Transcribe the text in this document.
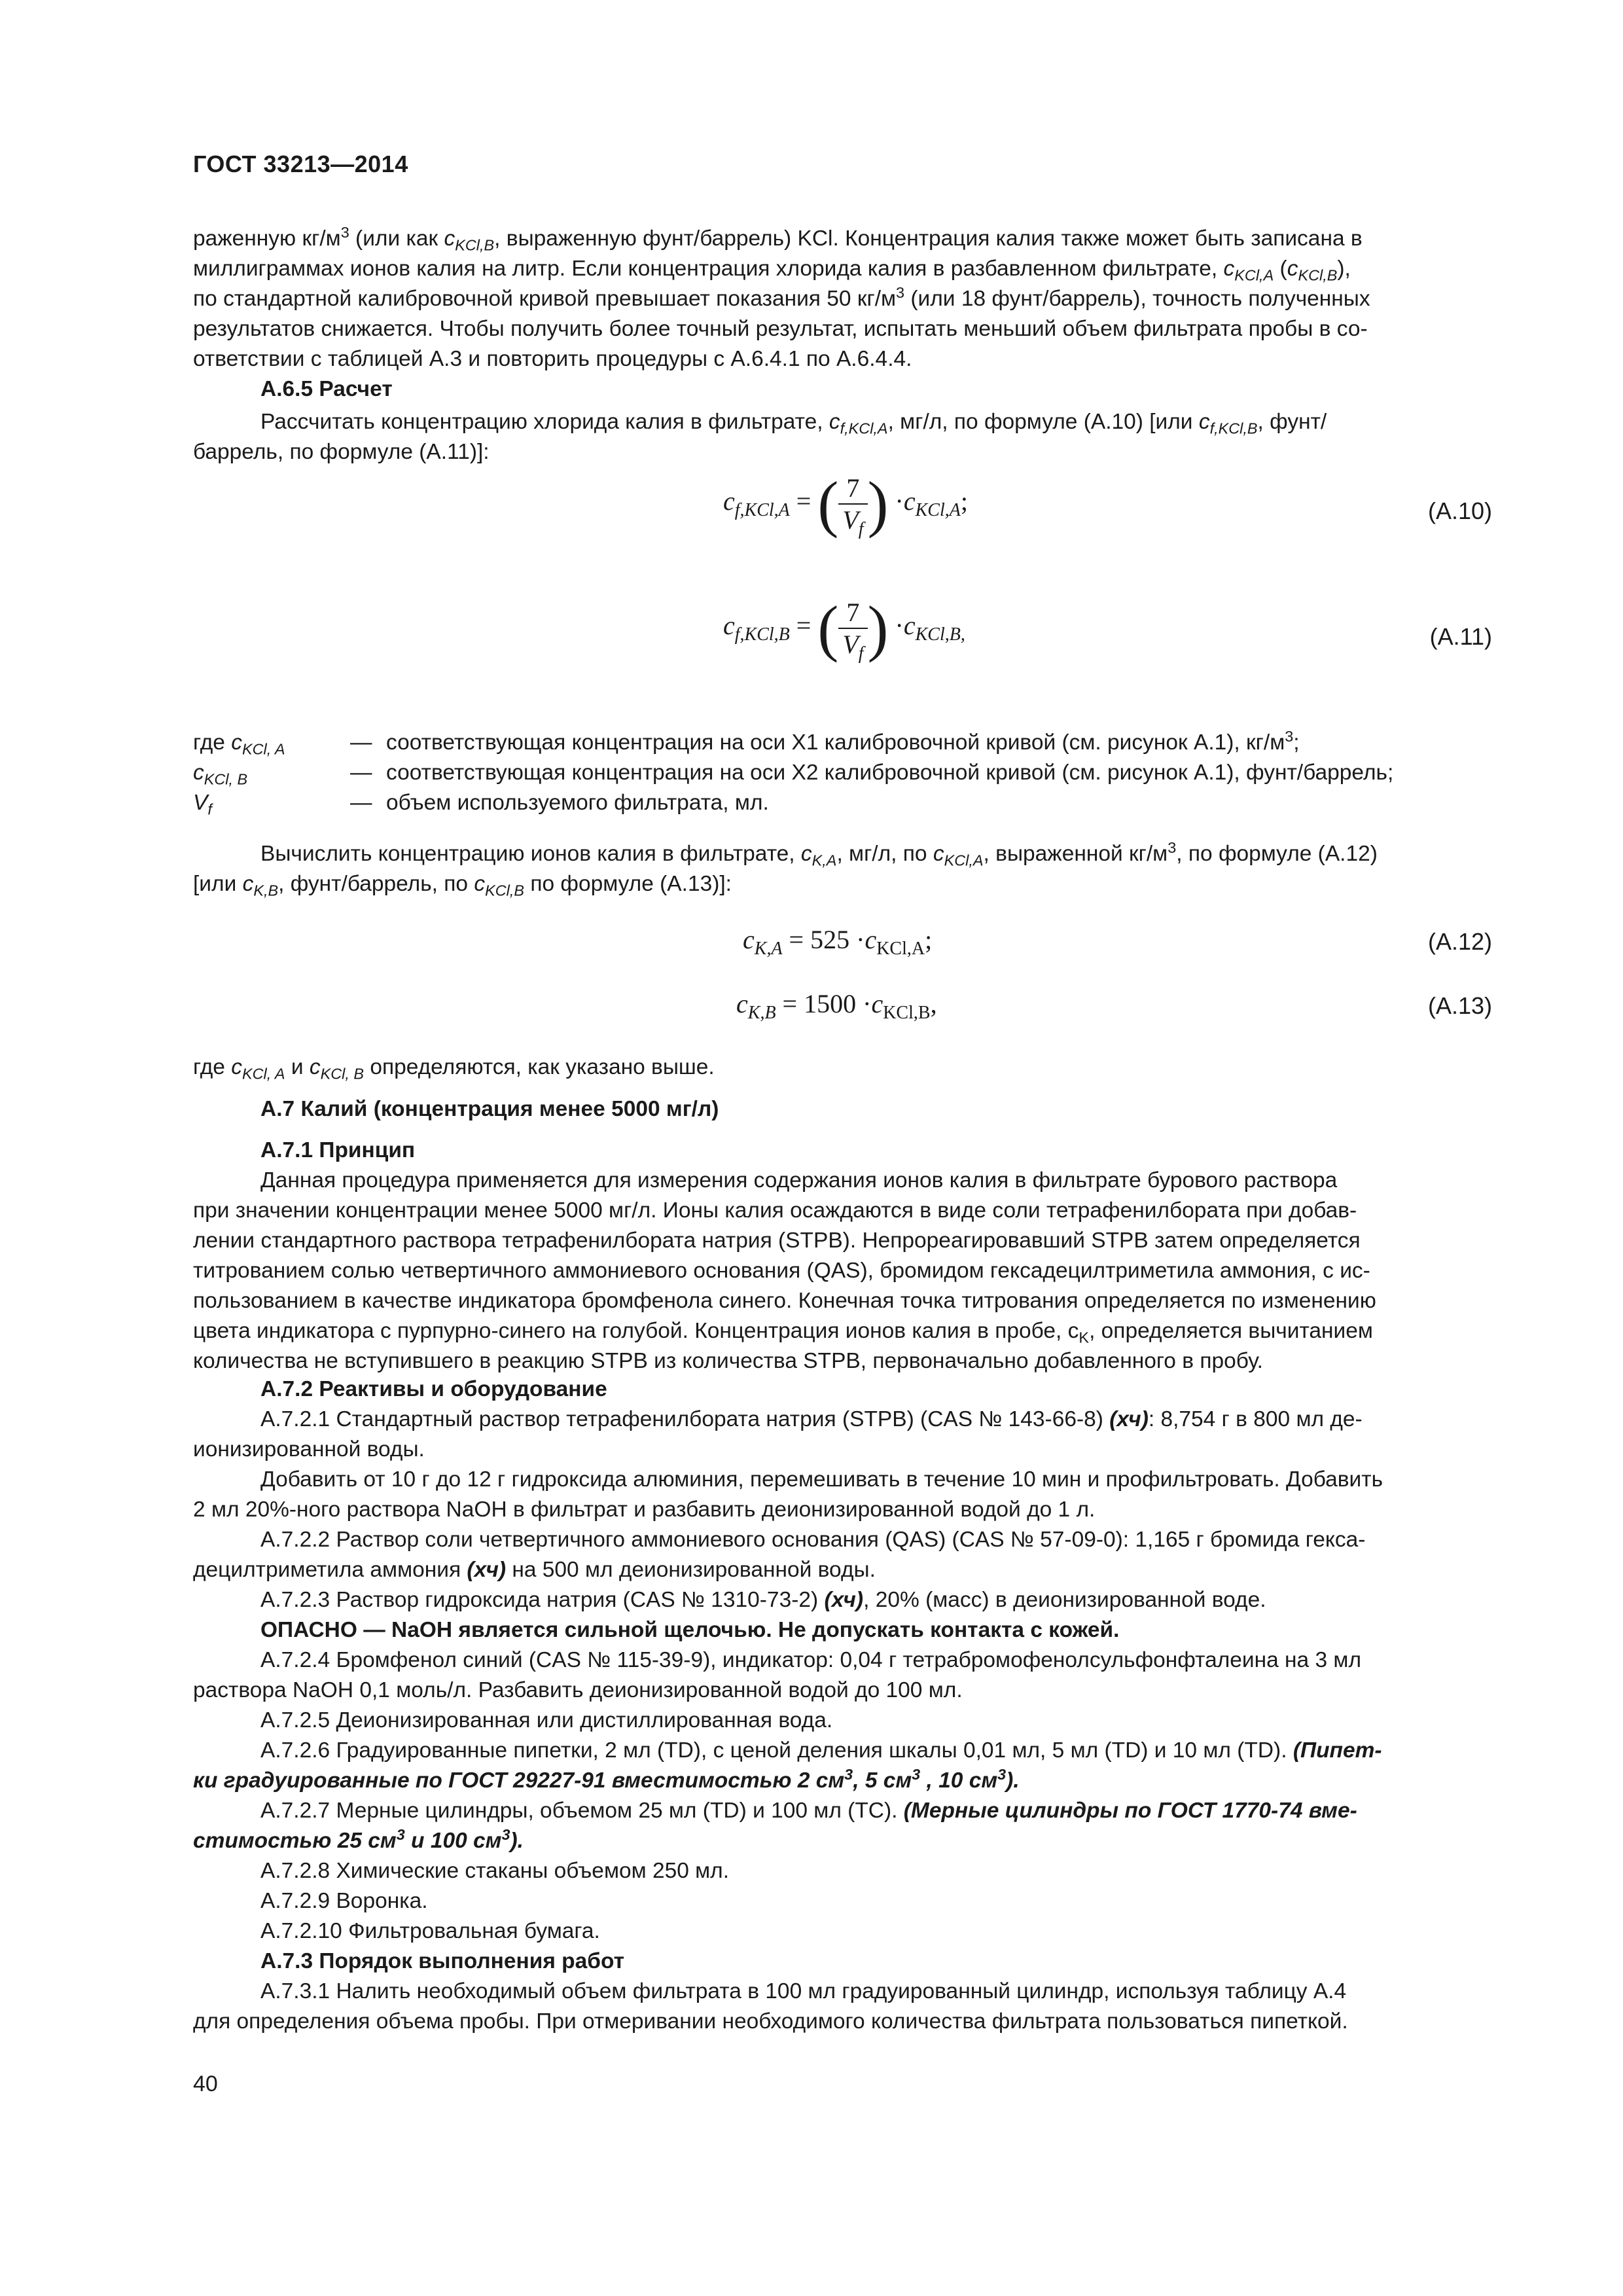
ГОСТ 33213—2014
раженную $кг/м^3$ (или как $c_{KCl,B}$, выраженную фунт/баррель) KCl. Концентрация калия также может быть записана в
миллиграммах ионов калия на литр. Если концентрация хлорида калия в разбавленном фильтрате, $c_{KCl,A}$ $(c_{KCl,B})$,
по стандартной калибровочной кривой превышает показания 50 $кг/м^3$ (или 18 фунт/баррель), точность полученных
результатов снижается. Чтобы получить более точный результат, испытать меньший объем фильтрата пробы в со-
ответствии с таблицей А.3 и повторить процедуры с А.6.4.1 по А.6.4.4.
А.6.5 Расчет
Рассчитать концентрацию хлорида калия в фильтрате, $c_{f,KCl,A}$, мг/л, по формуле (А.10) [или $c_{f,KCl,B}$, фунт/
баррель, по формуле (А.11)]:
$c_{f,KCl,A}$ = ( $\frac{7}{V_f}$ ) $\cdot c_{KCl,A}$;	(А.10)
$c_{f,KCl,B}$ = ( $\frac{7}{V_f}$ ) $\cdot c_{KCl,B,}$	(А.11)
где $c_{KCl, A}$	—	соответствующая концентрация на оси X1 калибровочной кривой (см. рисунок А.1), $кг/м^3$;
$c_{KCl, B}$	—	соответствующая концентрация на оси X2 калибровочной кривой (см. рисунок А.1), фунт/баррель;
$V_f$	—	объем используемого фильтрата, мл.
Вычислить концентрацию ионов калия в фильтрате, $c_{K,A}$, мг/л, по $c_{KCl,A}$, выраженной $кг/м^3$, по формуле (А.12)
[или $c_{K,B}$, фунт/баррель, по $c_{KCl,B}$ по формуле (А.13)]:
$c_{K,A} = 525 \cdot c_{KCl,A}$;	(А.12)
$c_{K,B} = 1500 \cdot c_{KCl,B}$,	(А.13)
где $c_{KCl, A}$ и $c_{KCl, B}$ определяются, как указано выше.
А.7 Калий (концентрация менее 5000 мг/л)
А.7.1 Принцип
Данная процедура применяется для измерения содержания ионов калия в фильтрате бурового раствора
при значении концентрации менее 5000 мг/л. Ионы калия осаждаются в виде соли тетрафенилбората при добав-
лении стандартного раствора тетрафенилбората натрия (STPB). Непрореагировавший STPB затем определяется
титрованием солью четвертичного аммониевого основания (QAS), бромидом гексадецилтриметила аммония, с ис-
пользованием в качестве индикатора бромфенола синего. Конечная точка титрования определяется по изменению
цвета индикатора с пурпурно-синего на голубой. Концентрация ионов калия в пробе, $c_K$, определяется вычитанием
количества не вступившего в реакцию STPB из количества STPB, первоначально добавленного в пробу.
А.7.2 Реактивы и оборудование
А.7.2.1 Стандартный раствор тетрафенилбората натрия (STPB) (CAS № 143-66-8) (хч): 8,754 г в 800 мл де-
ионизированной воды.
Добавить от 10 г до 12 г гидроксида алюминия, перемешивать в течение 10 мин и профильтровать. Добавить
2 мл 20%-ного раствора NaOH в фильтрат и разбавить деионизированной водой до 1 л.
А.7.2.2 Раствор соли четвертичного аммониевого основания (QAS) (CAS № 57-09-0): 1,165 г бромида гекса-
децилтриметила аммония (хч) на 500 мл деионизированной воды.
А.7.2.3 Раствор гидроксида натрия (CAS № 1310-73-2) (хч), 20% (масс) в деионизированной воде.
ОПАСНО — NaOH является сильной щелочью. Не допускать контакта с кожей.
А.7.2.4 Бромфенол синий (CAS № 115-39-9), индикатор: 0,04 г тетрабромофенолсульфонфталеина на 3 мл
раствора NaOH 0,1 моль/л. Разбавить деионизированной водой до 100 мл.
А.7.2.5 Деионизированная или дистиллированная вода.
А.7.2.6 Градуированные пипетки, 2 мл (TD), с ценой деления шкалы 0,01 мл, 5 мл (TD) и 10 мл (TD). (Пипет-
ки градуированные по ГОСТ 29227-91 вместимостью 2 $см^3$, 5 $см^3$ , 10 $см^3$).
А.7.2.7 Мерные цилиндры, объемом 25 мл (TD) и 100 мл (TC). (Мерные цилиндры по ГОСТ 1770-74 вме-
стимостью 25 $см^3$ и 100 $см^3$).
А.7.2.8 Химические стаканы объемом 250 мл.
А.7.2.9 Воронка.
А.7.2.10 Фильтровальная бумага.
А.7.3 Порядок выполнения работ
А.7.3.1 Налить необходимый объем фильтрата в 100 мл градуированный цилиндр, используя таблицу А.4
для определения объема пробы. При отмеривании необходимого количества фильтрата пользоваться пипеткой.
40
